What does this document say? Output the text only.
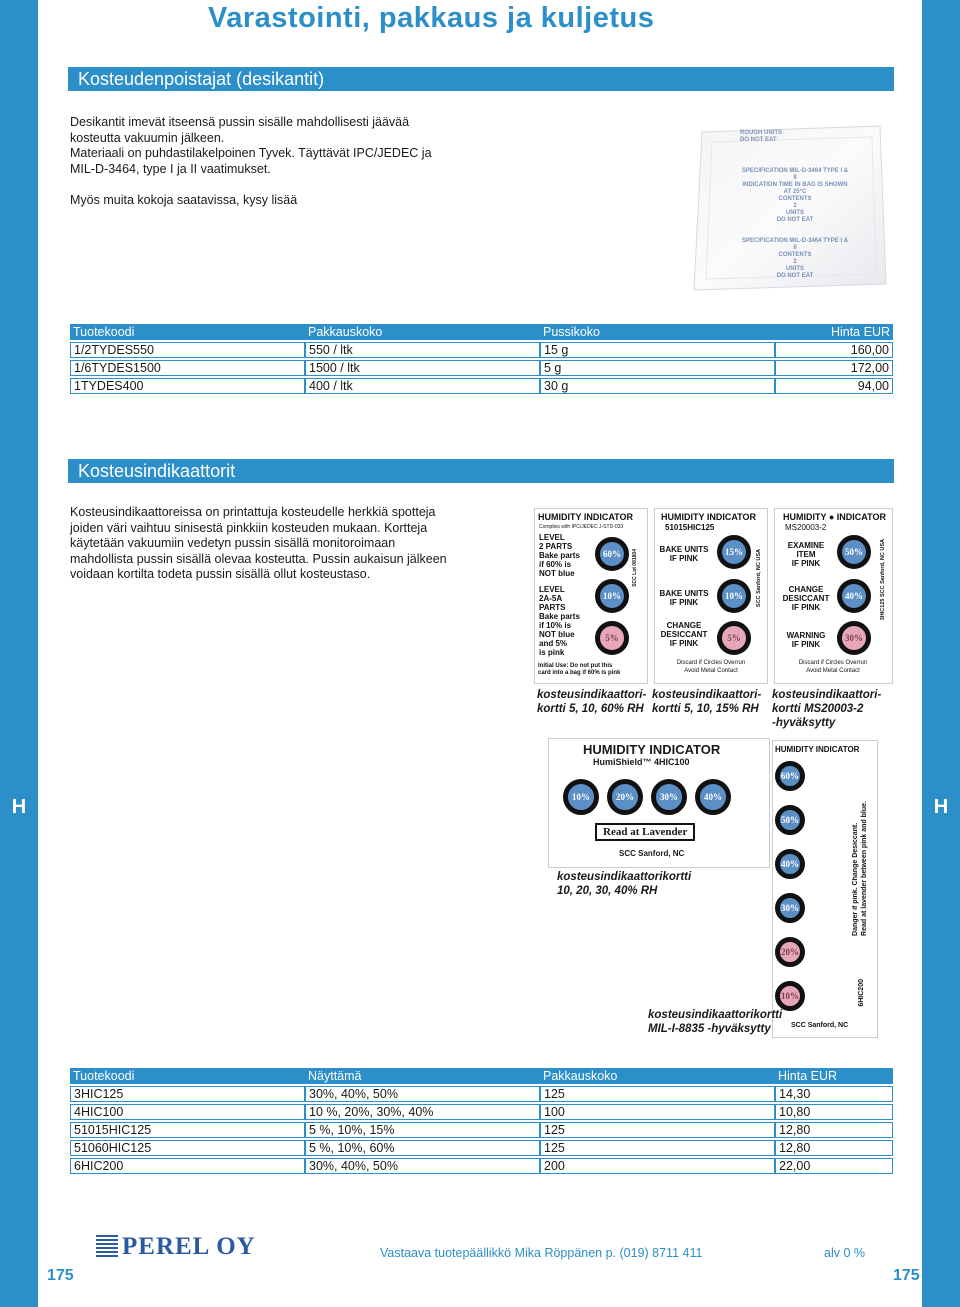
H	H
Varastointi, pakkaus ja kuljetus
Kosteudenpoistajat (desikantit)

Desikantit imevät itseensä pussin sisälle mahdollisesti jäävää
kosteutta vakuumin jälkeen.
Materiaali on puhdastilakelpoinen Tyvek. Täyttävät IPC/JEDEC ja
MIL-D-3464, type I ja II vaatimukset.

Myös muita kokoja saatavissa, kysy lisää

ROUGH UNITS
DO NOT EAT
SPECIFICATION MIL-D-3464 TYPE I & II
INDICATION TIME IN BAG IS SHOWN AT 25°C
CONTENTS
2
UNITS
DO NOT EAT
SPECIFICATION MIL-D-3464 TYPE I & II
CONTENTS
2
UNITS
DO NOT EAT
Tuotekoodi	Pakkauskoko	Pussikoko	Hinta EUR
1/2TYDES550	550 / ltk	15 g	160,00
1/6TYDES1500	1500 / ltk	5 g	172,00
1TYDES400	400 / ltk	30 g	94,00
Kosteusindikaattorit

Kosteusindikaattoreissa on printattuja kosteudelle herkkiä spotteja
joiden väri vaihtuu sinisestä pinkkiin kosteuden mukaan. Kortteja
käytetään vakuumiin vedetyn pussin sisällä monitoroimaan
mahdollista pussin sisällä olevaa kosteutta. Pussin aukaisun jälkeen
voidaan kortilta todeta pussin sisällä ollut kosteustaso.

HUMIDITY INDICATOR
Complies with IPC/JEDEC J-STD-033
LEVEL
2 PARTS
Bake parts
if 60% is
NOT blue
LEVEL
2A-5A
PARTS
Bake parts
if 10% is
NOT blue
and 5%
is pink
60%
10%
5%
SCC Lot 081804
Initial Use: Do not put this
card into a bag if 60% is pink
HUMIDITY INDICATOR
51015HIC125
BAKE UNITS
IF PINK
BAKE UNITS
IF PINK
CHANGE
DESICCANT
IF PINK
15%
10%
5%
SCC Sanford, NC USA
Discard if Circles Overrun
Avoid Metal Contact
HUMIDITY ● INDICATOR
MS20003-2
EXAMINE
ITEM
IF PINK
CHANGE
DESICCANT
IF PINK
WARNING
IF PINK
50%
40%
30%
3HIC125 SCC Sanford, NC USA
Discard if Circles Overrun
Avoid Metal Contact
kosteusindikaattori-
kortti 5, 10, 60% RH
kosteusindikaattori-
kortti 5, 10, 15% RH
kosteusindikaattori-
kortti MS20003-2
-hyväksytty
HUMIDITY INDICATOR
HumiShield™ 4HIC100
10%	20%	30%	40%
Read at Lavender
SCC Sanford, NC
kosteusindikaattorikortti
10, 20, 30, 40% RH
HUMIDITY INDICATOR
60%
50%
40%
30%
20%
10%
Danger if pink. Change Desiccant.
Read at lavender between pink and blue.
6HIC200
SCC Sanford, NC
kosteusindikaattorikortti
MIL-I-8835 -hyväksytty
Tuotekoodi	Näyttämä	Pakkauskoko	Hinta EUR
3HIC125	30%, 40%, 50%	125	14,30
4HIC100	10 %, 20%, 30%, 40%	100	10,80
51015HIC125	5 %, 10%, 15%	125	12,80
51060HIC125	5 %, 10%, 60%	125	12,80
6HIC200	30%, 40%, 50%	200	22,00
PEREL OY	Vastaava tuotepäällikkö Mika Röppänen p. (019) 8711 411	alv 0 %
175	175
